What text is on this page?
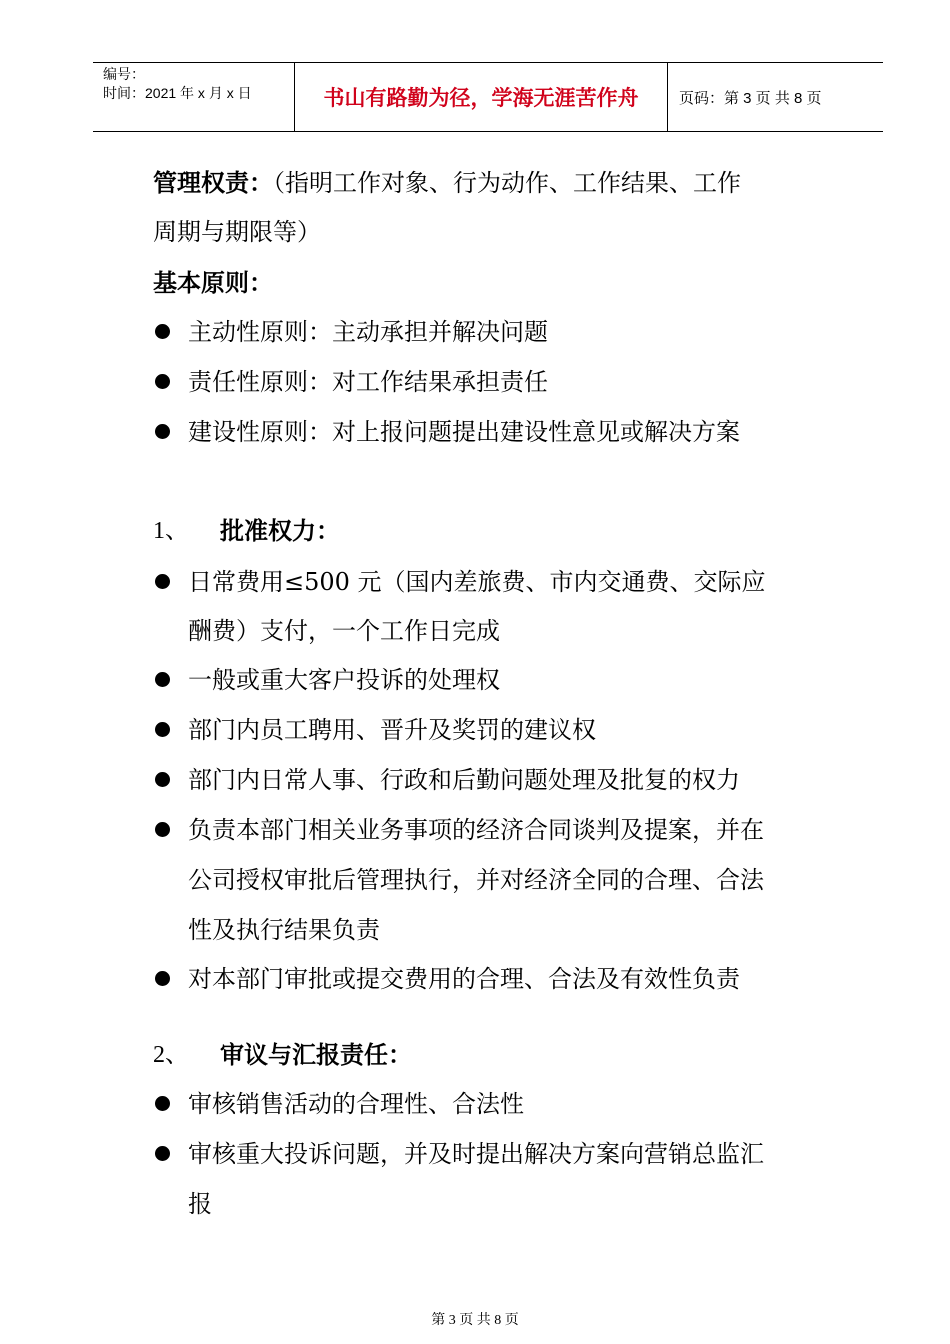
编号：
时间：2021 年 x 月 x 日	书山有路勤为径，学海无涯苦作舟	页码：第 3 页 共 8 页
管理权责：（指明工作对象、行为动作、工作结果、工作
周期与期限等）
基本原则：
主动性原则：主动承担并解决问题
责任性原则：对工作结果承担责任
建设性原则：对上报问题提出建设性意见或解决方案
1、 批准权力：
日常费用≤500 元（国内差旅费、市内交通费、交际应
酬费）支付，一个工作日完成
一般或重大客户投诉的处理权
部门内员工聘用、晋升及奖罚的建议权
部门内日常人事、行政和后勤问题处理及批复的权力
负责本部门相关业务事项的经济合同谈判及提案，并在
公司授权审批后管理执行，并对经济全同的合理、合法
性及执行结果负责
对本部门审批或提交费用的合理、合法及有效性负责
2、 审议与汇报责任：
审核销售活动的合理性、合法性
审核重大投诉问题，并及时提出解决方案向营销总监汇
报
第 3 页 共 8 页
